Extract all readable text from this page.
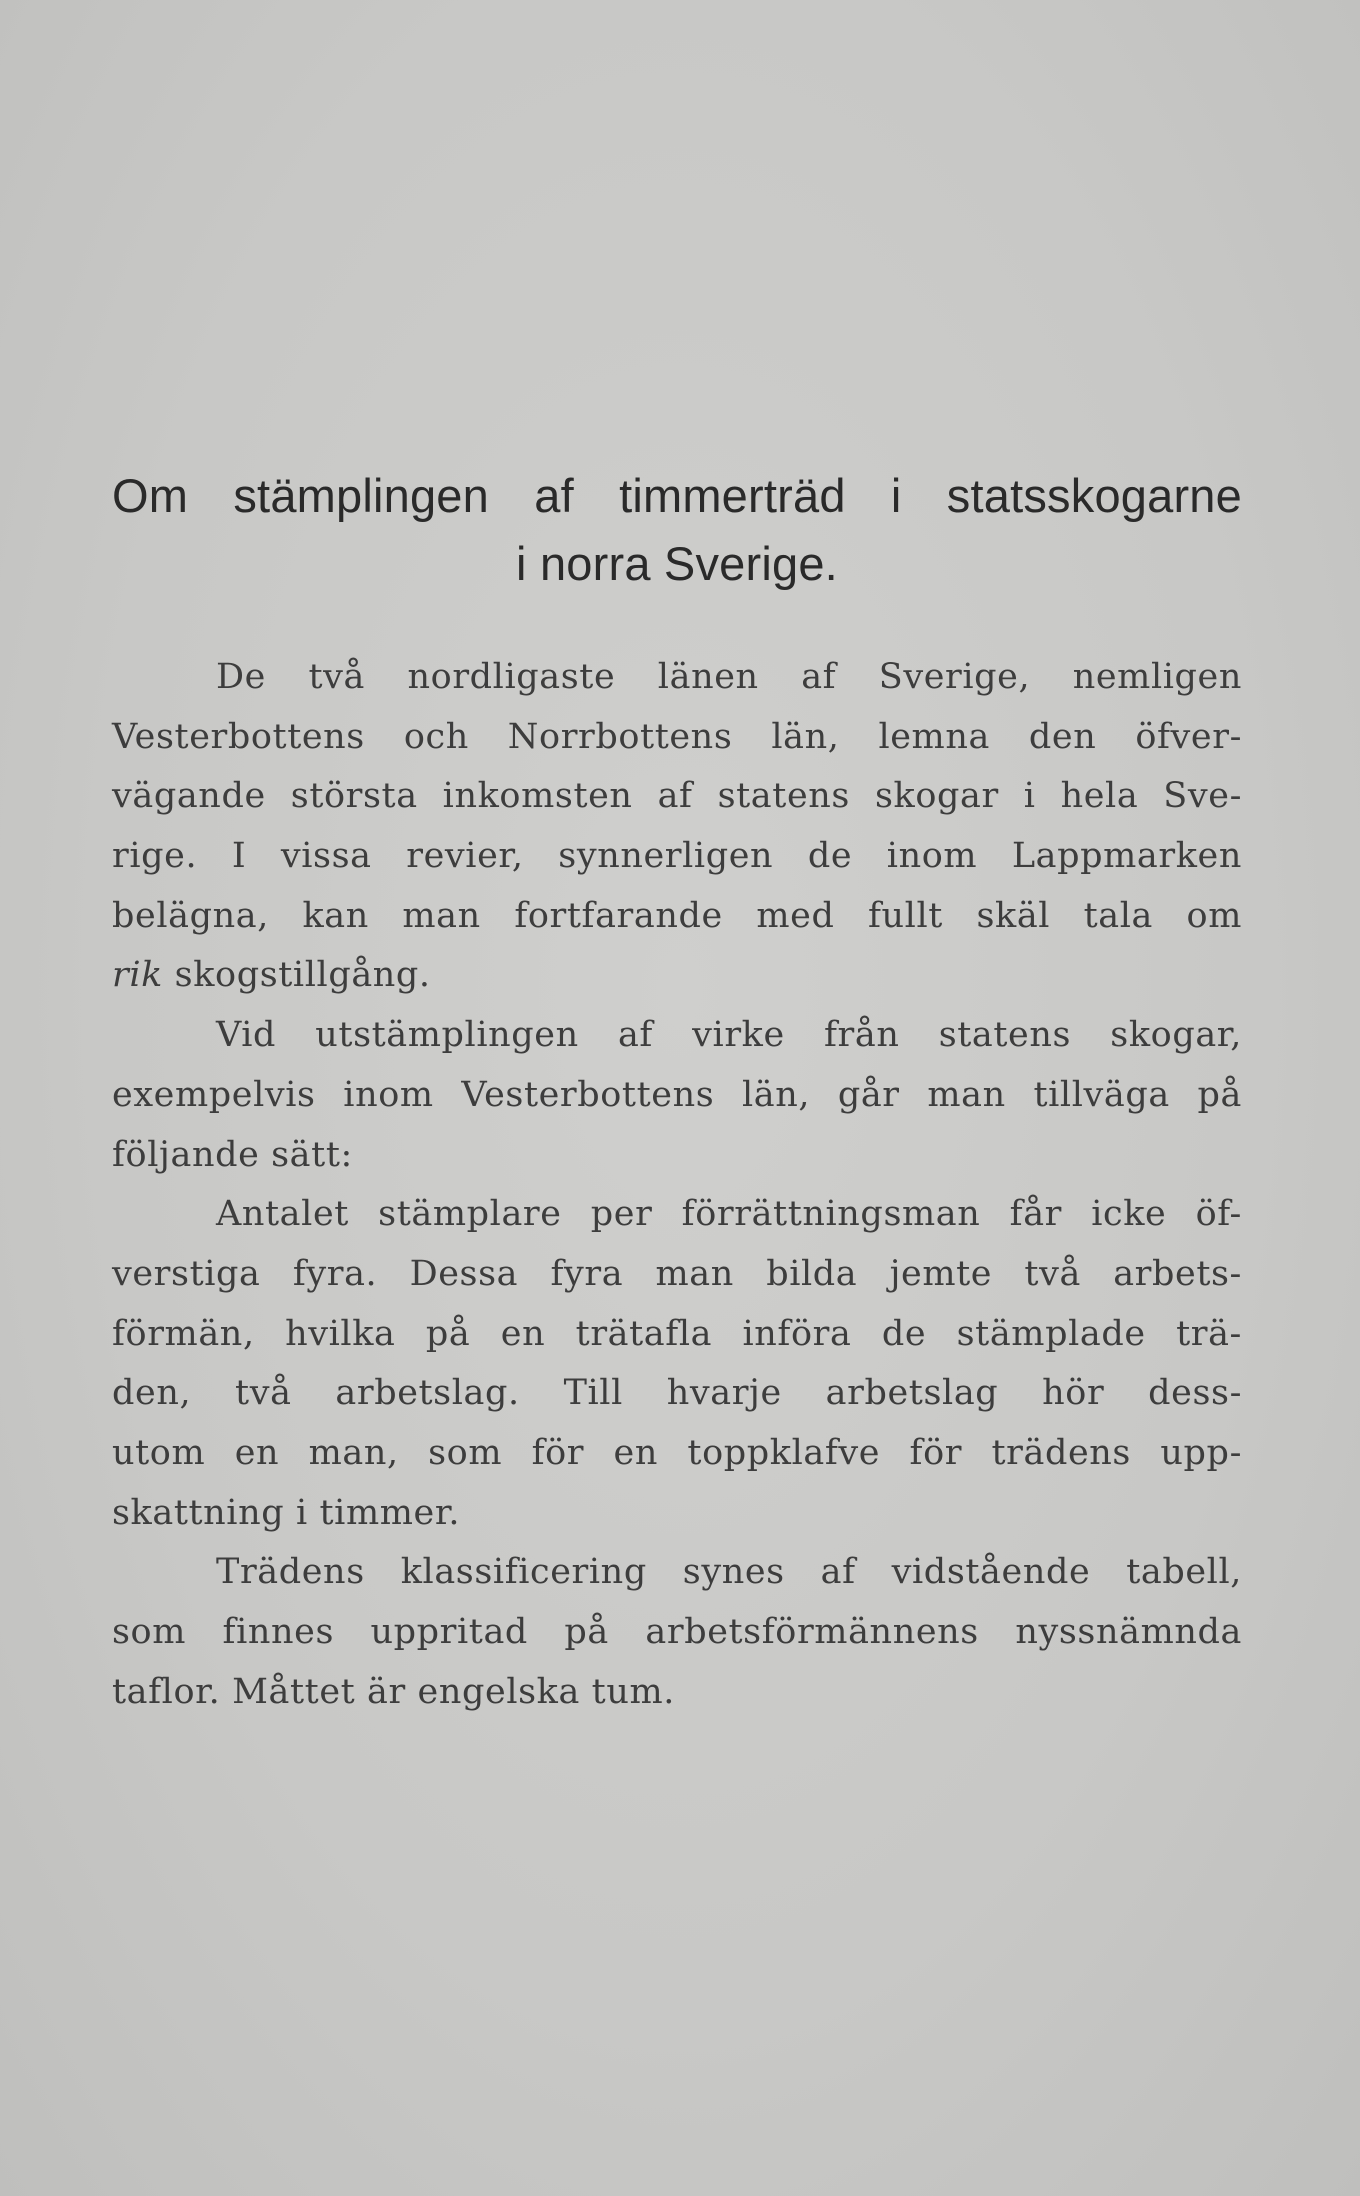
Om stämplingen af timmerträd i statsskogarne
i norra Sverige.
De två nordligaste länen af Sverige, nemligen
Vesterbottens och Norrbottens län, lemna den öfver-
vägande största inkomsten af statens skogar i hela Sve-
rige. I vissa revier, synnerligen de inom Lappmarken
belägna, kan man fortfarande med fullt skäl tala om
rik skogstillgång.
Vid utstämplingen af virke från statens skogar,
exempelvis inom Vesterbottens län, går man tillväga på
följande sätt:
Antalet stämplare per förrättningsman får icke öf-
verstiga fyra. Dessa fyra man bilda jemte två arbets-
förmän, hvilka på en trätafla införa de stämplade trä-
den, två arbetslag. Till hvarje arbetslag hör dess-
utom en man, som för en toppklafve för trädens upp-
skattning i timmer.
Trädens klassificering synes af vidstående tabell,
som finnes uppritad på arbetsförmännens nyssnämnda
taflor. Måttet är engelska tum.
